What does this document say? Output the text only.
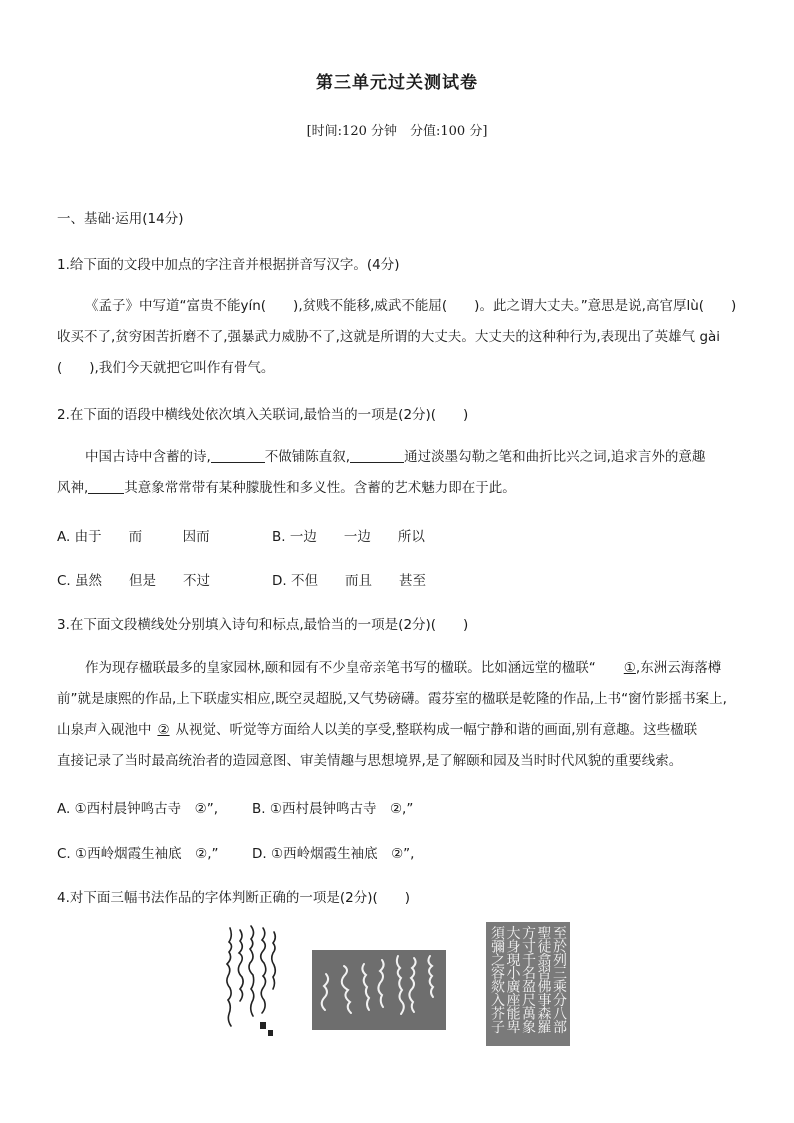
第三单元过关测试卷
[时间:120 分钟　分值:100 分]
一、基础·运用(14分)
1.给下面的文段中加点的字注音并根据拼音写汉字。(4分)
《孟子》中写道“富贵不能yín(　　),贫贱不能移,威武不能屈(　　)。此之谓大丈夫。”意思是说,高官厚lù(　　)
收买不了,贫穷困苦折磨不了,强暴武力威胁不了,这就是所谓的大丈夫。大丈夫的这种种行为,表现出了英雄气 gài
(　　),我们今天就把它叫作有骨气。
2.在下面的语段中横线处依次填入关联词,最恰当的一项是(2分)(　　)
中国古诗中含蓄的诗,	不做铺陈直叙,	通过淡墨勾勒之笔和曲折比兴之词,追求言外的意趣
风神,	其意象常常带有某种朦胧性和多义性。含蓄的艺术魅力即在于此。
A. 由于　　而　　　因而	B. 一边　　一边　　所以
C. 虽然　　但是　　不过	D. 不但　　而且　　甚至
3.在下面文段横线处分别填入诗句和标点,最恰当的一项是(2分)(　　)
作为现存楹联最多的皇家园林,颐和园有不少皇帝亲笔书写的楹联。比如涵远堂的楹联“ ①,东洲云海落樽
前”就是康熙的作品,上下联虚实相应,既空灵超脱,又气势磅礴。霞芬室的楹联是乾隆的作品,上书“窗竹影摇书案上,
山泉声入砚池中 ② 从视觉、听觉等方面给人以美的享受,整联构成一幅宁静和谐的画面,别有意趣。这些楹联
直接记录了当时最高统治者的造园意图、审美情趣与思想境界,是了解颐和园及当时时代风貌的重要线索。
A. ①西村晨钟鸣古寺　②”,	B. ①西村晨钟鸣古寺　②,”
C. ①西岭烟霞生袖底　②,” D. ①西岭烟霞生袖底　②”,
4.对下面三幅书法作品的字体判断正确的一项是(2分)(　　)
至
於
列
三
乘
分
八
部
聖
徒
翕
習
佛
事
森
羅
方
寸
千
名
盈
尺
萬
象
大
身
現
小
廣
座
能
卑
須
彌
之
容
欻
入
芥
子
